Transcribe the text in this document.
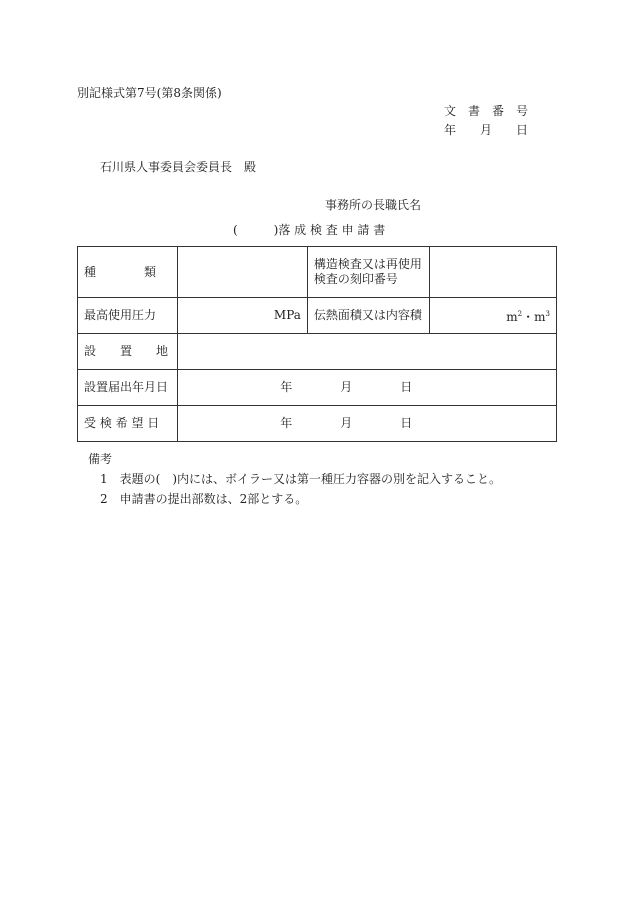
別記様式第7号(第8条関係)
文　書　番　号
年　　月　　日
石川県人事委員会委員長　殿
事務所の長職氏名
(　　　)落 成 検 査 申 請 書
種　　　　類		構造検査又は再使用
検査の刻印番号	
最高使用圧力	MPa	伝熱面積又は内容積	$m^2$・$m^3$
設　　置　　地			
設置届出年月日	年 月 日		

受 検 希 望 日	年 月 日		
備考
1　表題の(　)内には、ボイラー又は第一種圧力容器の別を記入すること。
2　申請書の提出部数は、2部とする。
